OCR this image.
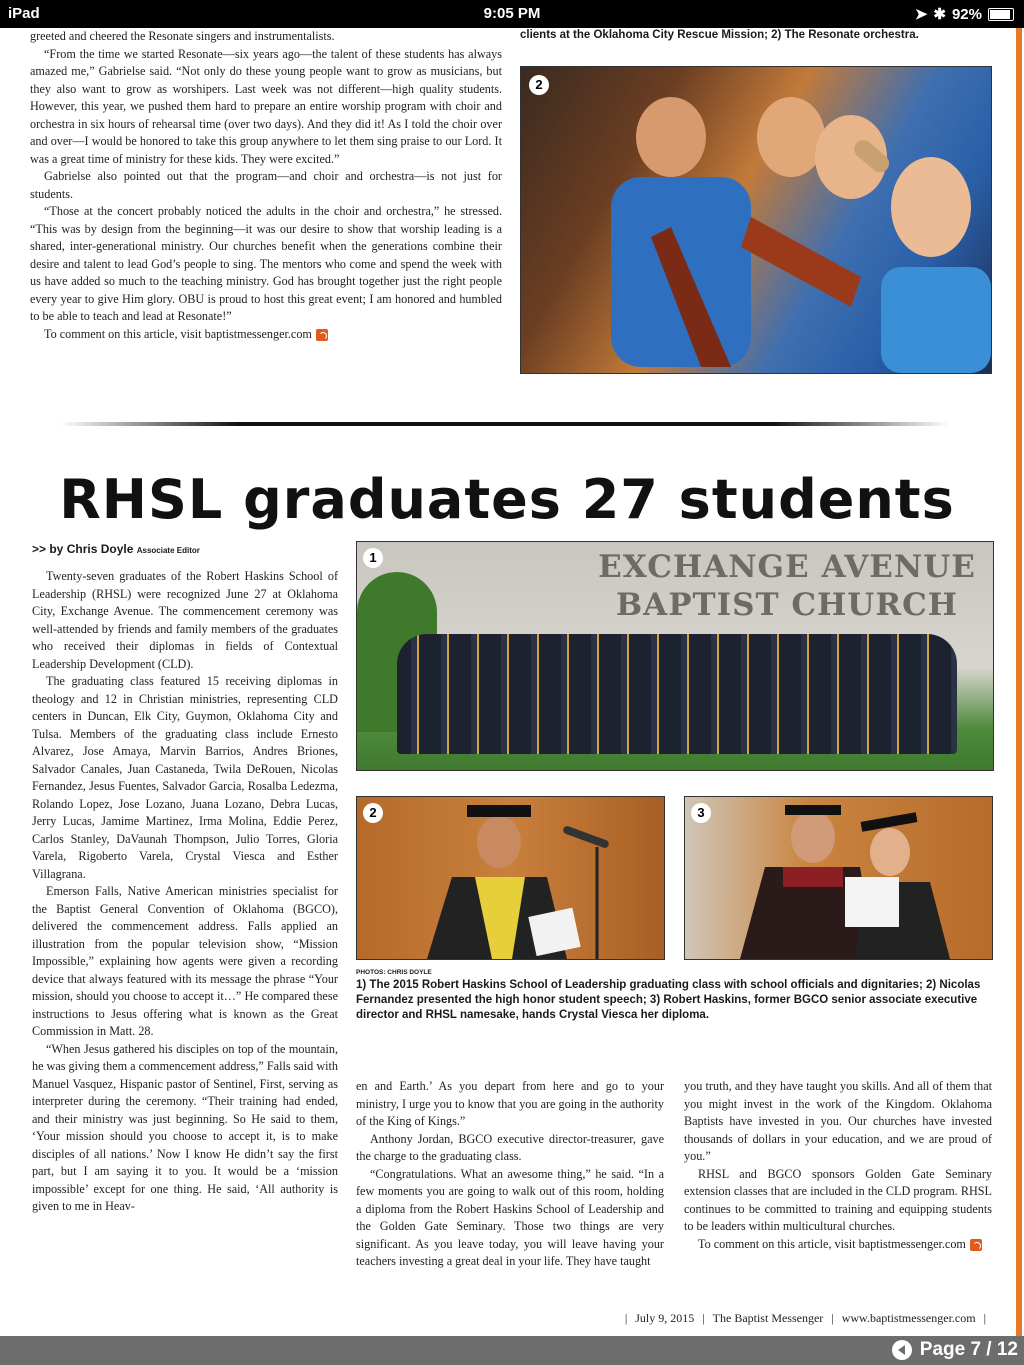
iPad	9:05 PM	➤ ✱ 92%

greeted and cheered the Resonate singers and instrumentalists.

“From the time we started Resonate—six years ago—the talent of these students has always amazed me,” Gabrielse said. “Not only do these young people want to grow as musicians, but they also want to grow as worshipers. Last week was not different—high quality students. However, this year, we pushed them hard to prepare an entire worship program with choir and orchestra in six hours of rehearsal time (over two days). And they did it! As I told the choir over and over—I would be honored to take this group anywhere to let them sing praise to our Lord. It was a great time of ministry for these kids. They were excited.”

Gabrielse also pointed out that the program—and choir and orchestra—is not just for students.

“Those at the concert probably noticed the adults in the choir and orchestra,” he stressed. “This was by design from the beginning—it was our desire to show that worship leading is a shared, inter-generational ministry. Our churches benefit when the generations combine their desire and talent to lead God’s people to sing. The mentors who come and spend the week with us have added so much to the teaching ministry. God has brought together just the right people every year to give Him glory. OBU is proud to host this great event; I am honored and humbled to be able to teach and lead at Resonate!”

To comment on this article, visit baptistmessenger.com

clients at the Oklahoma City Rescue Mission; 2) The Resonate orchestra.
2
RHSL graduates 27 students
>> by Chris Doyle Associate Editor	EXCHANGE AVENUE
BAPTIST CHURCH
1
2	3
PHOTOS: CHRIS DOYLE
1) The 2015 Robert Haskins School of Leadership graduating class with school officials and dignitaries; 2) Nicolas Fernandez presented the high honor student speech; 3) Robert Haskins, former BGCO senior associate executive director and RHSL namesake, hands Crystal Viesca her diploma.

Twenty-seven graduates of the Robert Haskins School of Leadership (RHSL) were recognized June 27 at Oklahoma City, Exchange Avenue. The commencement ceremony was well-attended by friends and family members of the graduates who received their diplomas in fields of Contextual Leadership Development (CLD).

The graduating class featured 15 receiving diplomas in theology and 12 in Christian ministries, representing CLD centers in Duncan, Elk City, Guymon, Oklahoma City and Tulsa. Members of the graduating class include Ernesto Alvarez, Jose Amaya, Marvin Barrios, Andres Briones, Salvador Canales, Juan Castaneda, Twila DeRouen, Nicolas Fernandez, Jesus Fuentes, Salvador Garcia, Rosalba Ledezma, Rolando Lopez, Jose Lozano, Juana Lozano, Debra Lucas, Jerry Lucas, Jamime Martinez, Irma Molina, Eddie Perez, Carlos Stanley, DaVaunah Thompson, Julio Torres, Gloria Varela, Rigoberto Varela, Crystal Viesca and Esther Villagrana.

Emerson Falls, Native American ministries specialist for the Baptist General Convention of Oklahoma (BGCO), delivered the commencement address. Falls applied an illustration from the popular television show, “Mission Impossible,” explaining how agents were given a recording device that always featured with its message the phrase “Your mission, should you choose to accept it…” He compared these instructions to Jesus offering what is known as the Great Commission in Matt. 28.

“When Jesus gathered his disciples on top of the mountain, he was giving them a commencement address,” Falls said with Manuel Vasquez, Hispanic pastor of Sentinel, First, serving as interpreter during the ceremony. “Their training had ended, and their ministry was just beginning. So He said to them, ‘Your mission should you choose to accept it, is to make disciples of all nations.’ Now I know He didn’t say the first part, but I am saying it to you. It would be a ‘mission impossible’ except for one thing. He said, ‘All authority is given to me in Heav-

en and Earth.’ As you depart from here and go to your ministry, I urge you to know that you are going in the authority of the King of Kings.”

Anthony Jordan, BGCO executive director-treasurer, gave the charge to the graduating class.

“Congratulations. What an awesome thing,” he said. “In a few moments you are going to walk out of this room, holding a diploma from the Robert Haskins School of Leadership and the Golden Gate Seminary. Those two things are very significant. As you leave today, you will leave having your teachers investing a great deal in your life. They have taught

you truth, and they have taught you skills. And all of them that you might invest in the work of the Kingdom. Oklahoma Baptists have invested in you. Our churches have invested thousands of dollars in your education, and we are proud of you.”

RHSL and BGCO sponsors Golden Gate Seminary extension classes that are included in the CLD program. RHSL continues to be committed to training and equipping students to be leaders within multicultural churches.

To comment on this article, visit baptistmessenger.com

| July 9, 2015 | The Baptist Messenger | www.baptistmessenger.com |
Page 7 / 12
